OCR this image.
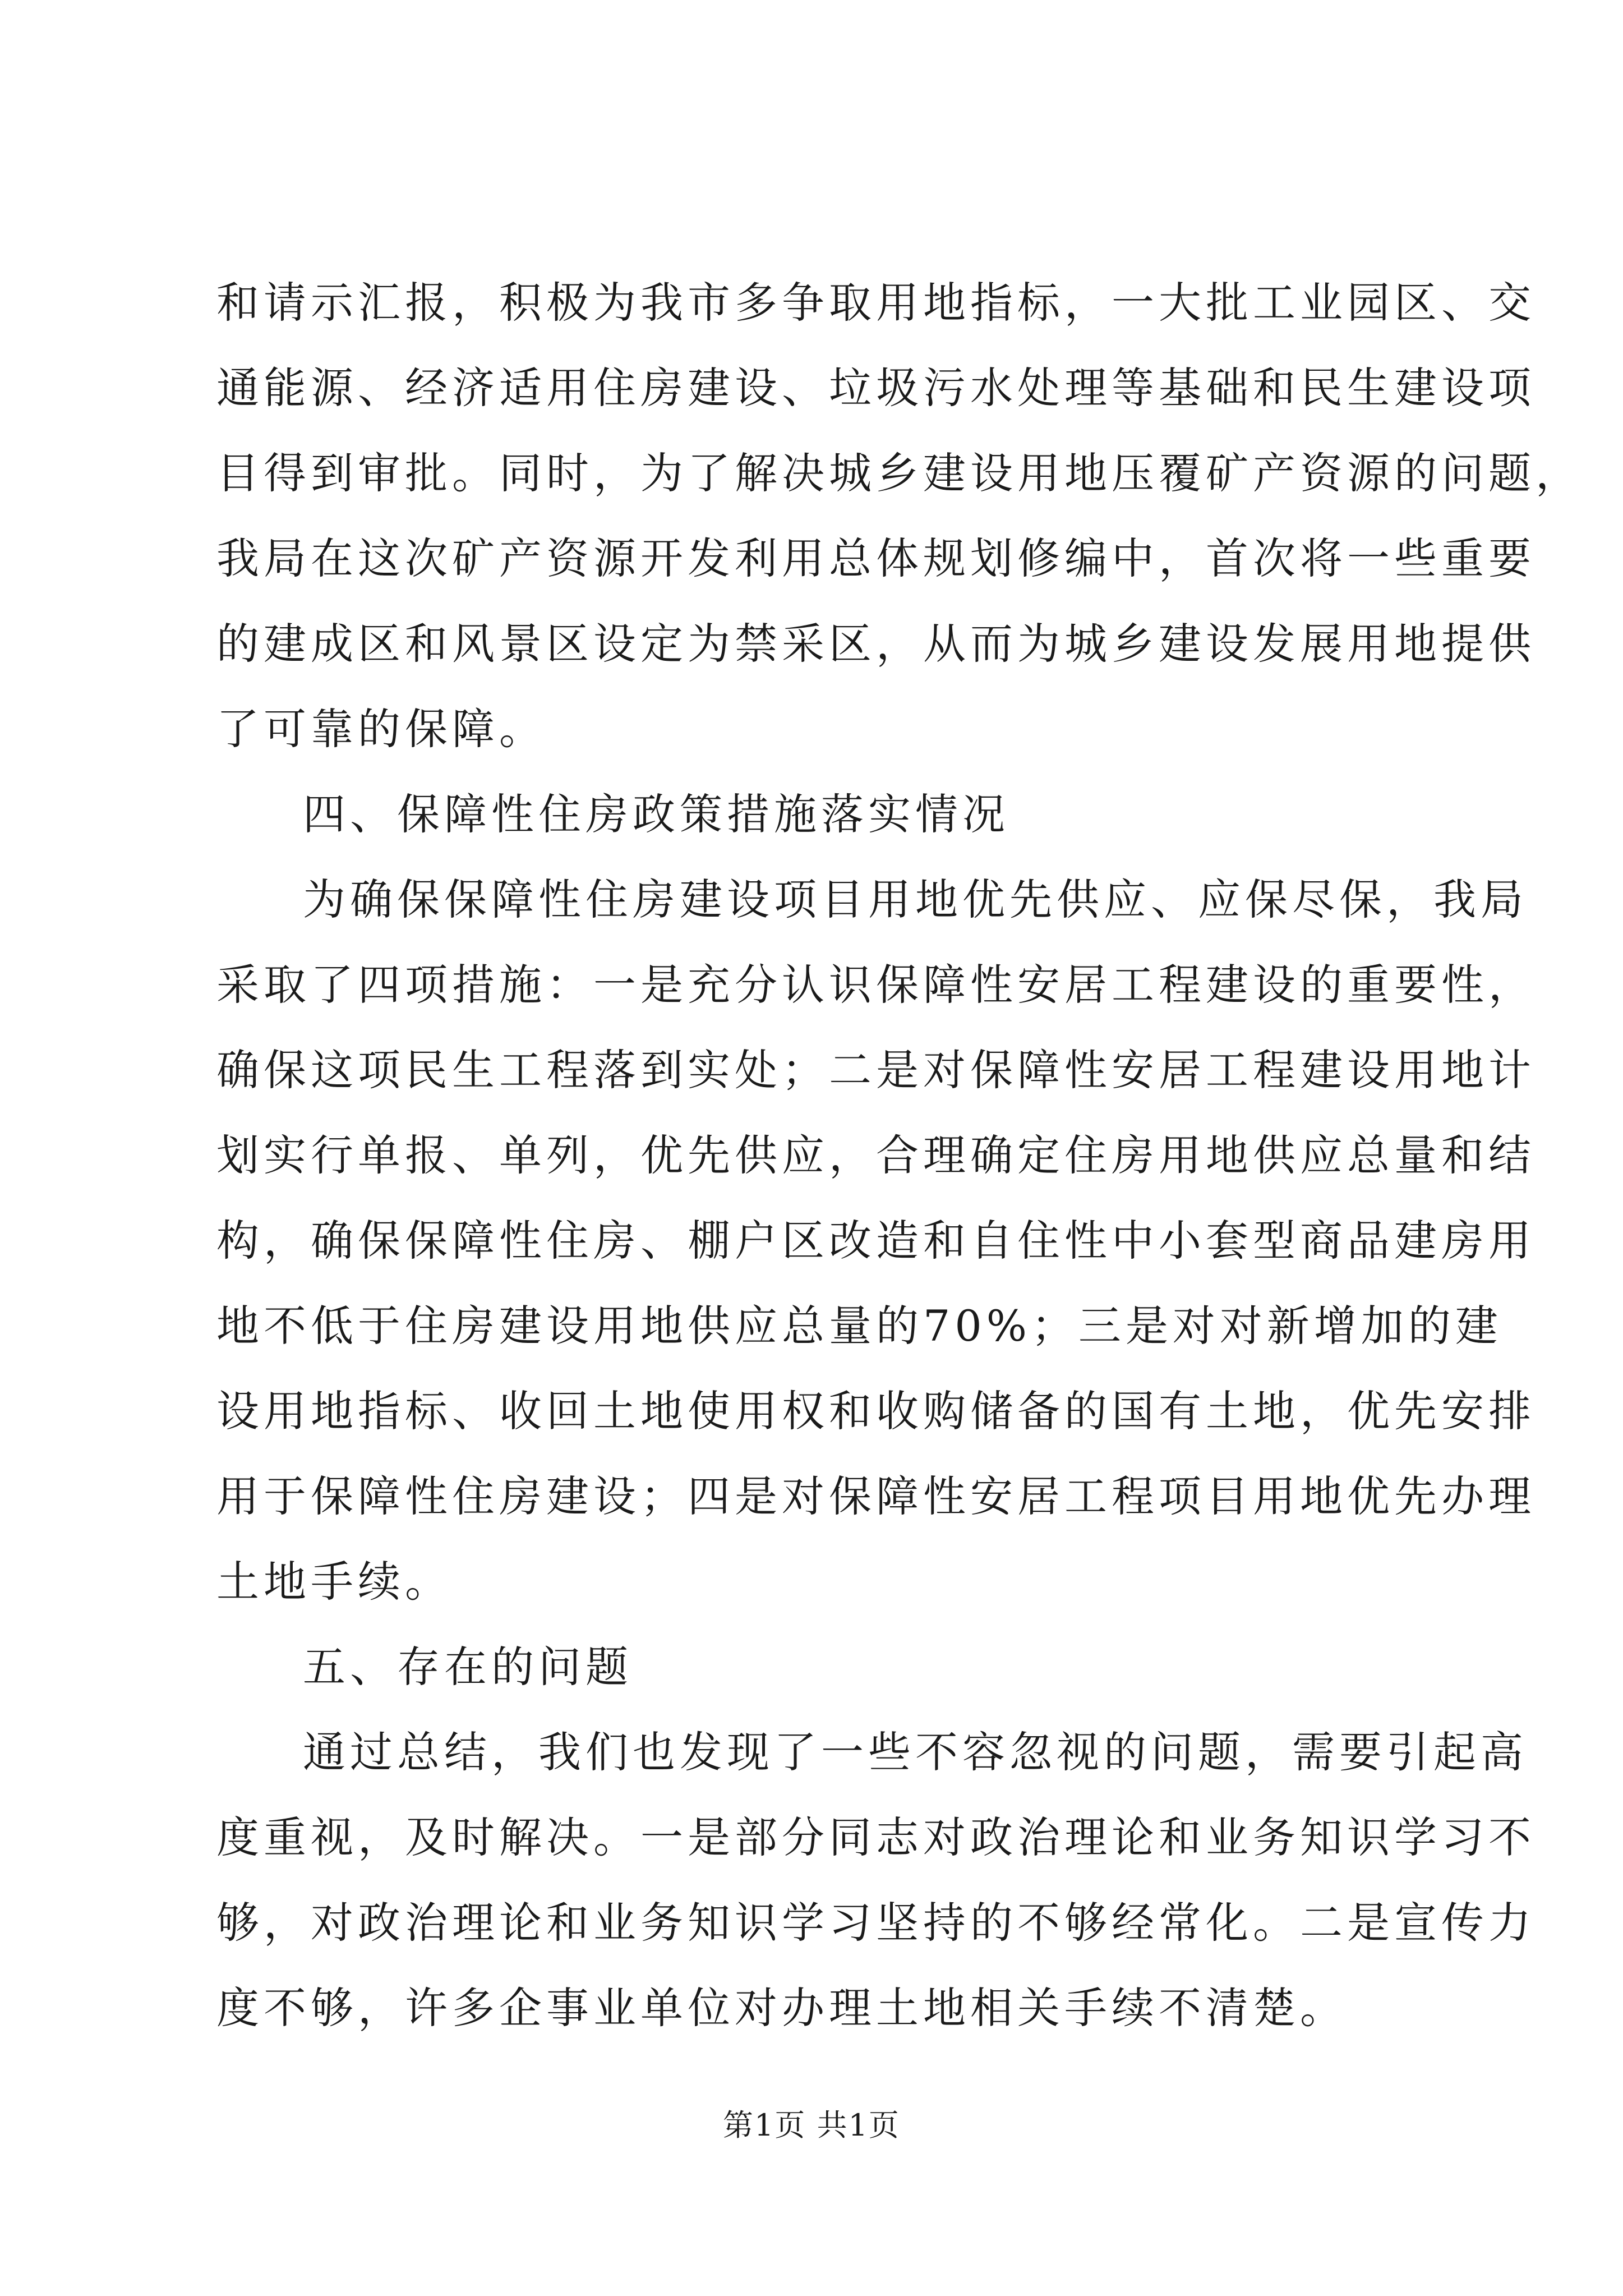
和请示汇报，积极为我市多争取用地指标，一大批工业园区、交
通能源、经济适用住房建设、垃圾污水处理等基础和民生建设项
目得到审批。同时，为了解决城乡建设用地压覆矿产资源的问题，
我局在这次矿产资源开发利用总体规划修编中，首次将一些重要
的建成区和风景区设定为禁采区，从而为城乡建设发展用地提供
了可靠的保障。
四、保障性住房政策措施落实情况
为确保保障性住房建设项目用地优先供应、应保尽保，我局
采取了四项措施：一是充分认识保障性安居工程建设的重要性，
确保这项民生工程落到实处；二是对保障性安居工程建设用地计
划实行单报、单列，优先供应，合理确定住房用地供应总量和结
构，确保保障性住房、棚户区改造和自住性中小套型商品建房用
地不低于住房建设用地供应总量的70%；三是对对新增加的建
设用地指标、收回土地使用权和收购储备的国有土地，优先安排
用于保障性住房建设；四是对保障性安居工程项目用地优先办理
土地手续。
五、存在的问题
通过总结，我们也发现了一些不容忽视的问题，需要引起高
度重视，及时解决。一是部分同志对政治理论和业务知识学习不
够，对政治理论和业务知识学习坚持的不够经常化。二是宣传力
度不够，许多企事业单位对办理土地相关手续不清楚。
第1页 共1页
